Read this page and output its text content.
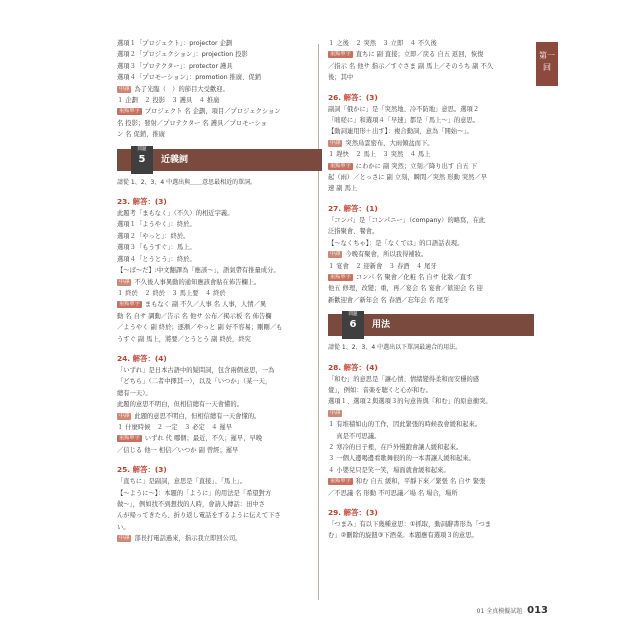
第一
回
選項１「プロジェクト」：projector 企劃
選項２「プロジェクション」：projection 投影
選項３「プロテクター」：protector 護具
選項４「プロモーション」：promotion 推廣、促銷
中譯 為了光臨（　）的節目大受歡迎。
１ 企劃　２ 投影　３ 護具　４ 推廣
重點單字 プロジェクト 名 企劃，項目／プロジェクション
名 投影；發射／プロテクター 名 護具／プロモーショ
ン 名 促銷，推廣
問題
5	近義詞
請從 1、2、3、4 中選出與＿＿意思最相近的單詞。
23. 解答：(3)
此題考「まもなく」（不久）的相近字義。
選項１「ようやく」：終於。
選項２「やっと」：終於。
選項３「もうすぐ」：馬上。
選項４「とうとう」：終於。
【～ば〜だ】:中文翻譯為「應該～」，語氣帶有推量成分。
中譯 不久後人事異動的通知應該會貼在佈告欄上。
１ 終於　２ 終於　３ 馬上要　４ 終於
重點單字 まもなく 副 不久／人事 名 人事，人情／異
動 名 自サ 調動／告示 名 他サ 公布／掲示板 名 佈告欄
／ようやく 副 終於；逐漸／やっと 副 好不容易；剛剛／も
うすぐ 副 馬上，將要／とうとう 副 終於，終究
24. 解答：(4)
「いずれ」是日本古語中的疑問詞，包含兩個意思，一為
「どちら」（二者中擇其一），以及「いつか」（某一天，
總有一天）。
此題的意思不明白，但相信總有一天會懂的。
中譯 此題的意思不明白，但相信總有一天會懂的。
１ 什麼時候　２ 一定　３ 必定　４ 遲早
重點單字 いずれ 代 哪個；最近，不久；遲早，早晚
／信じる 他一 相信／いつか 副 曾經；遲早
25. 解答：(3)
「直ちに」是副詞，意思是「直接」、「馬上」。
【～ように～】：本題的「ように」的用法是「希望對方
做～」，例如找不到想找的人時，會請人傳話：田中さ
んが帰ってきたら、折り返し電話をするように伝えて下さ
い。
中譯 部長打電話過來，指示我立即回公司。
１ 之後　２ 突然　３ 立即　４ 不久後
重點單字 直ちに 副 直接；立即／戻る 自五 返回，恢復
／指示 名 他サ 指示／すぐさま 副 馬上／そのうち 副 不久
後；其中
26. 解答：(3)
副詞「俄かに」是「突然地、冷不防地」意思。選項２
「咄嗟に」和選項４「早速」都是「馬上～」的意思。
【動詞連用形＋出す】：複合動詞，意為「開始～」。
中譯 突然烏雲密布，大雨傾盆而下。
１ 趕快　２ 馬上　３ 突然　４ 馬上
重點單字 にわかに 副 突然；立刻／降り出す 自五 下
起（雨）／とっさに 副 立刻，瞬間／突然 形動 突然／早
速 副 馬上
27. 解答：(1)
「コンパ」是「コンパニー」（company）的略寫，在此
泛指聚會、餐會。
【～なくちゃ】：是「なくては」的口語話表現。
中譯 今晚有聚會，所以我得補妝。
１ 宴會　２ 迎新會　３ 春酒　４ 尾牙
重點單字 コンパ 名 聚會／化粧 名 自サ 化妝／直す
他五 修理，改變；重，再／宴会 名 宴會／歓迎会 名 迎
新歡迎會／新年会 名 春酒／忘年会 名 尾牙
問題
6	用法
請從 1、2、3、4 中選出以下單詞最適合的用法。
28. 解答：(4)
「和む」的意思是「讓心情、情緒變得柔和而安穩的感
覺」，例如：音楽を聴くと心が和む。
選項１、選項２與選項３的句意皆與「和む」的原意衝突。
中譯
１ 有堆積如山的工作，因此緊張的時候我會緩和起來。
　 真是不可思議。
２ 寒冷的日子裡，在戶外慢跑會讓人緩和起來。
３ 一個人邊喝邊看歌舞很的的一本書讓人緩和起來。
４ 小嬰兒只是笑一笑，場面就會緩和起來。
重點單字 和む 自五 緩和，平靜下來／緊張 名 自サ 緊張
／不思議 名 形動 不可思議／場 名 場合，場所
29. 解答：(3)
「つまみ」有以下幾種意思：①抓取，動詞辭書形為「つま
む」②刪除的旋鈕③下酒菜。本題應有選項３的意思。
01 全真模擬試題 013
